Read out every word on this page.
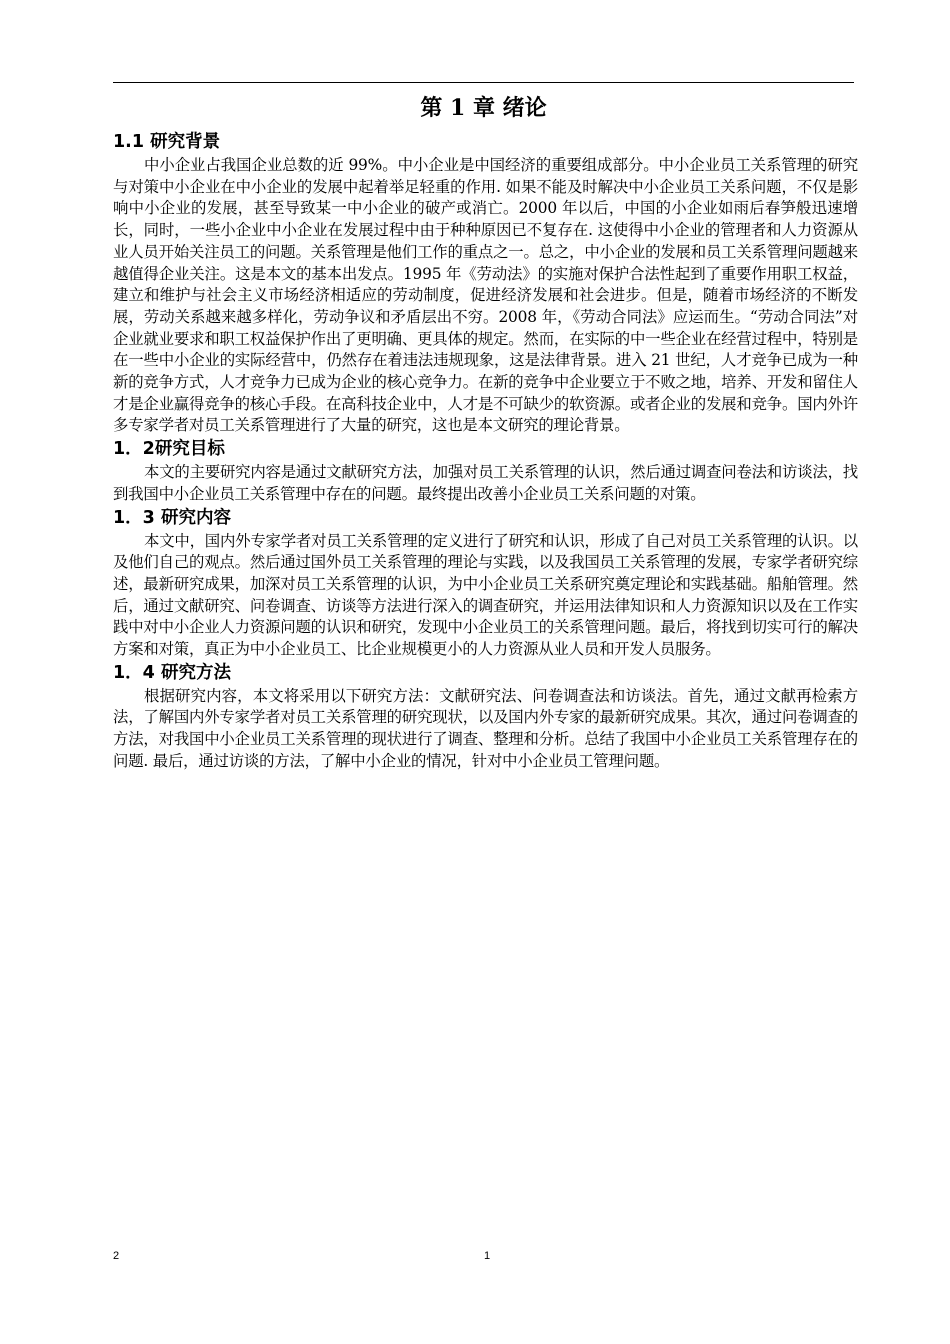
第 1 章 绪论
1.1 研究背景

中小企业占我国企业总数的近 99%。中小企业是中国经济的重要组成部分。中小企业员工关系管理的研究与对策中小企业在中小企业的发展中起着举足轻重的作用. 如果不能及时解决中小企业员工关系问题，不仅是影响中小企业的发展，甚至导致某一中小企业的破产或消亡。2000 年以后，中国的小企业如雨后春笋般迅速增长，同时，一些小企业中小企业在发展过程中由于种种原因已不复存在. 这使得中小企业的管理者和人力资源从业人员开始关注员工的问题。关系管理是他们工作的重点之一。总之，中小企业的发展和员工关系管理问题越来越值得企业关注。这是本文的基本出发点。1995 年《劳动法》的实施对保护合法性起到了重要作用职工权益，建立和维护与社会主义市场经济相适应的劳动制度，促进经济发展和社会进步。但是，随着市场经济的不断发展，劳动关系越来越多样化，劳动争议和矛盾层出不穷。2008 年，《劳动合同法》应运而生。“劳动合同法”对企业就业要求和职工权益保护作出了更明确、更具体的规定。然而，在实际的中一些企业在经营过程中，特别是在一些中小企业的实际经营中，仍然存在着违法违规现象，这是法律背景。进入 21 世纪，人才竞争已成为一种新的竞争方式，人才竞争力已成为企业的核心竞争力。在新的竞争中企业要立于不败之地，培养、开发和留住人才是企业赢得竞争的核心手段。在高科技企业中，人才是不可缺少的软资源。或者企业的发展和竞争。国内外许多专家学者对员工关系管理进行了大量的研究，这也是本文研究的理论背景。

1．2研究目标

本文的主要研究内容是通过文献研究方法，加强对员工关系管理的认识，然后通过调查问卷法和访谈法，找到我国中小企业员工关系管理中存在的问题。最终提出改善小企业员工关系问题的对策。

1．3 研究内容

本文中，国内外专家学者对员工关系管理的定义进行了研究和认识，形成了自己对员工关系管理的认识。以及他们自己的观点。然后通过国外员工关系管理的理论与实践，以及我国员工关系管理的发展，专家学者研究综述，最新研究成果，加深对员工关系管理的认识，为中小企业员工关系研究奠定理论和实践基础。船舶管理。然后，通过文献研究、问卷调查、访谈等方法进行深入的调查研究，并运用法律知识和人力资源知识以及在工作实践中对中小企业人力资源问题的认识和研究，发现中小企业员工的关系管理问题。最后，将找到切实可行的解决方案和对策，真正为中小企业员工、比企业规模更小的人力资源从业人员和开发人员服务。

1．4 研究方法

根据研究内容，本文将采用以下研究方法：文献研究法、问卷调查法和访谈法。首先，通过文献再检索方法，了解国内外专家学者对员工关系管理的研究现状，以及国内外专家的最新研究成果。其次，通过问卷调查的方法，对我国中小企业员工关系管理的现状进行了调查、整理和分析。总结了我国中小企业员工关系管理存在的问题. 最后，通过访谈的方法，了解中小企业的情况，针对中小企业员工管理问题。

2	1
